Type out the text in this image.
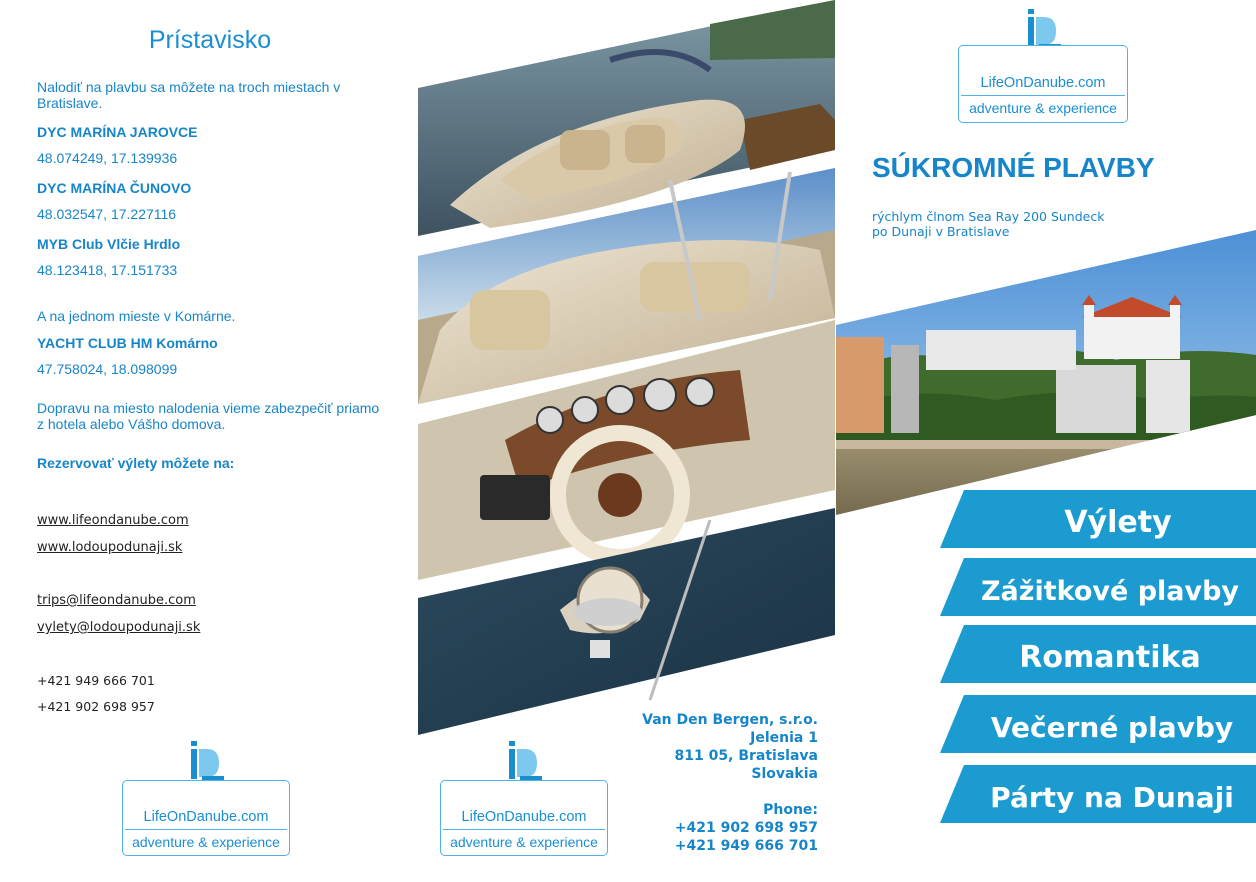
Prístavisko
Nalodiť na plavbu sa môžete na troch miestach v Bratislave.
DYC MARÍNA JAROVCE
48.074249, 17.139936
DYC MARÍNA ČUNOVO
48.032547, 17.227116
MYB Club Vlčie Hrdlo
48.123418, 17.151733
A na jednom mieste v Komárne.
YACHT CLUB HM Komárno
47.758024, 18.098099
Dopravu na miesto nalodenia vieme zabezpečiť priamo z hotela alebo Vášho domova.
Rezervovať výlety môžete na:
www.lifeondanube.com
www.lodoupodunaji.sk
trips@lifeondanube.com
vylety@lodoupodunaji.sk
+421 949 666 701
+421 902 698 957
LifeOnDanube.com
adventure & experience
LifeOnDanube.com
adventure & experience
Van Den Bergen, s.r.o.
Jelenia 1
811 05, Bratislava
Slovakia
Phone:
+421 902 698 957
+421 949 666 701
LifeOnDanube.com
adventure & experience
SÚKROMNÉ PLAVBY
rýchlym člnom Sea Ray 200 Sundeck
po Dunaji v Bratislave
Výlety
Zážitkové plavby
Romantika
Večerné plavby
Párty na Dunaji
